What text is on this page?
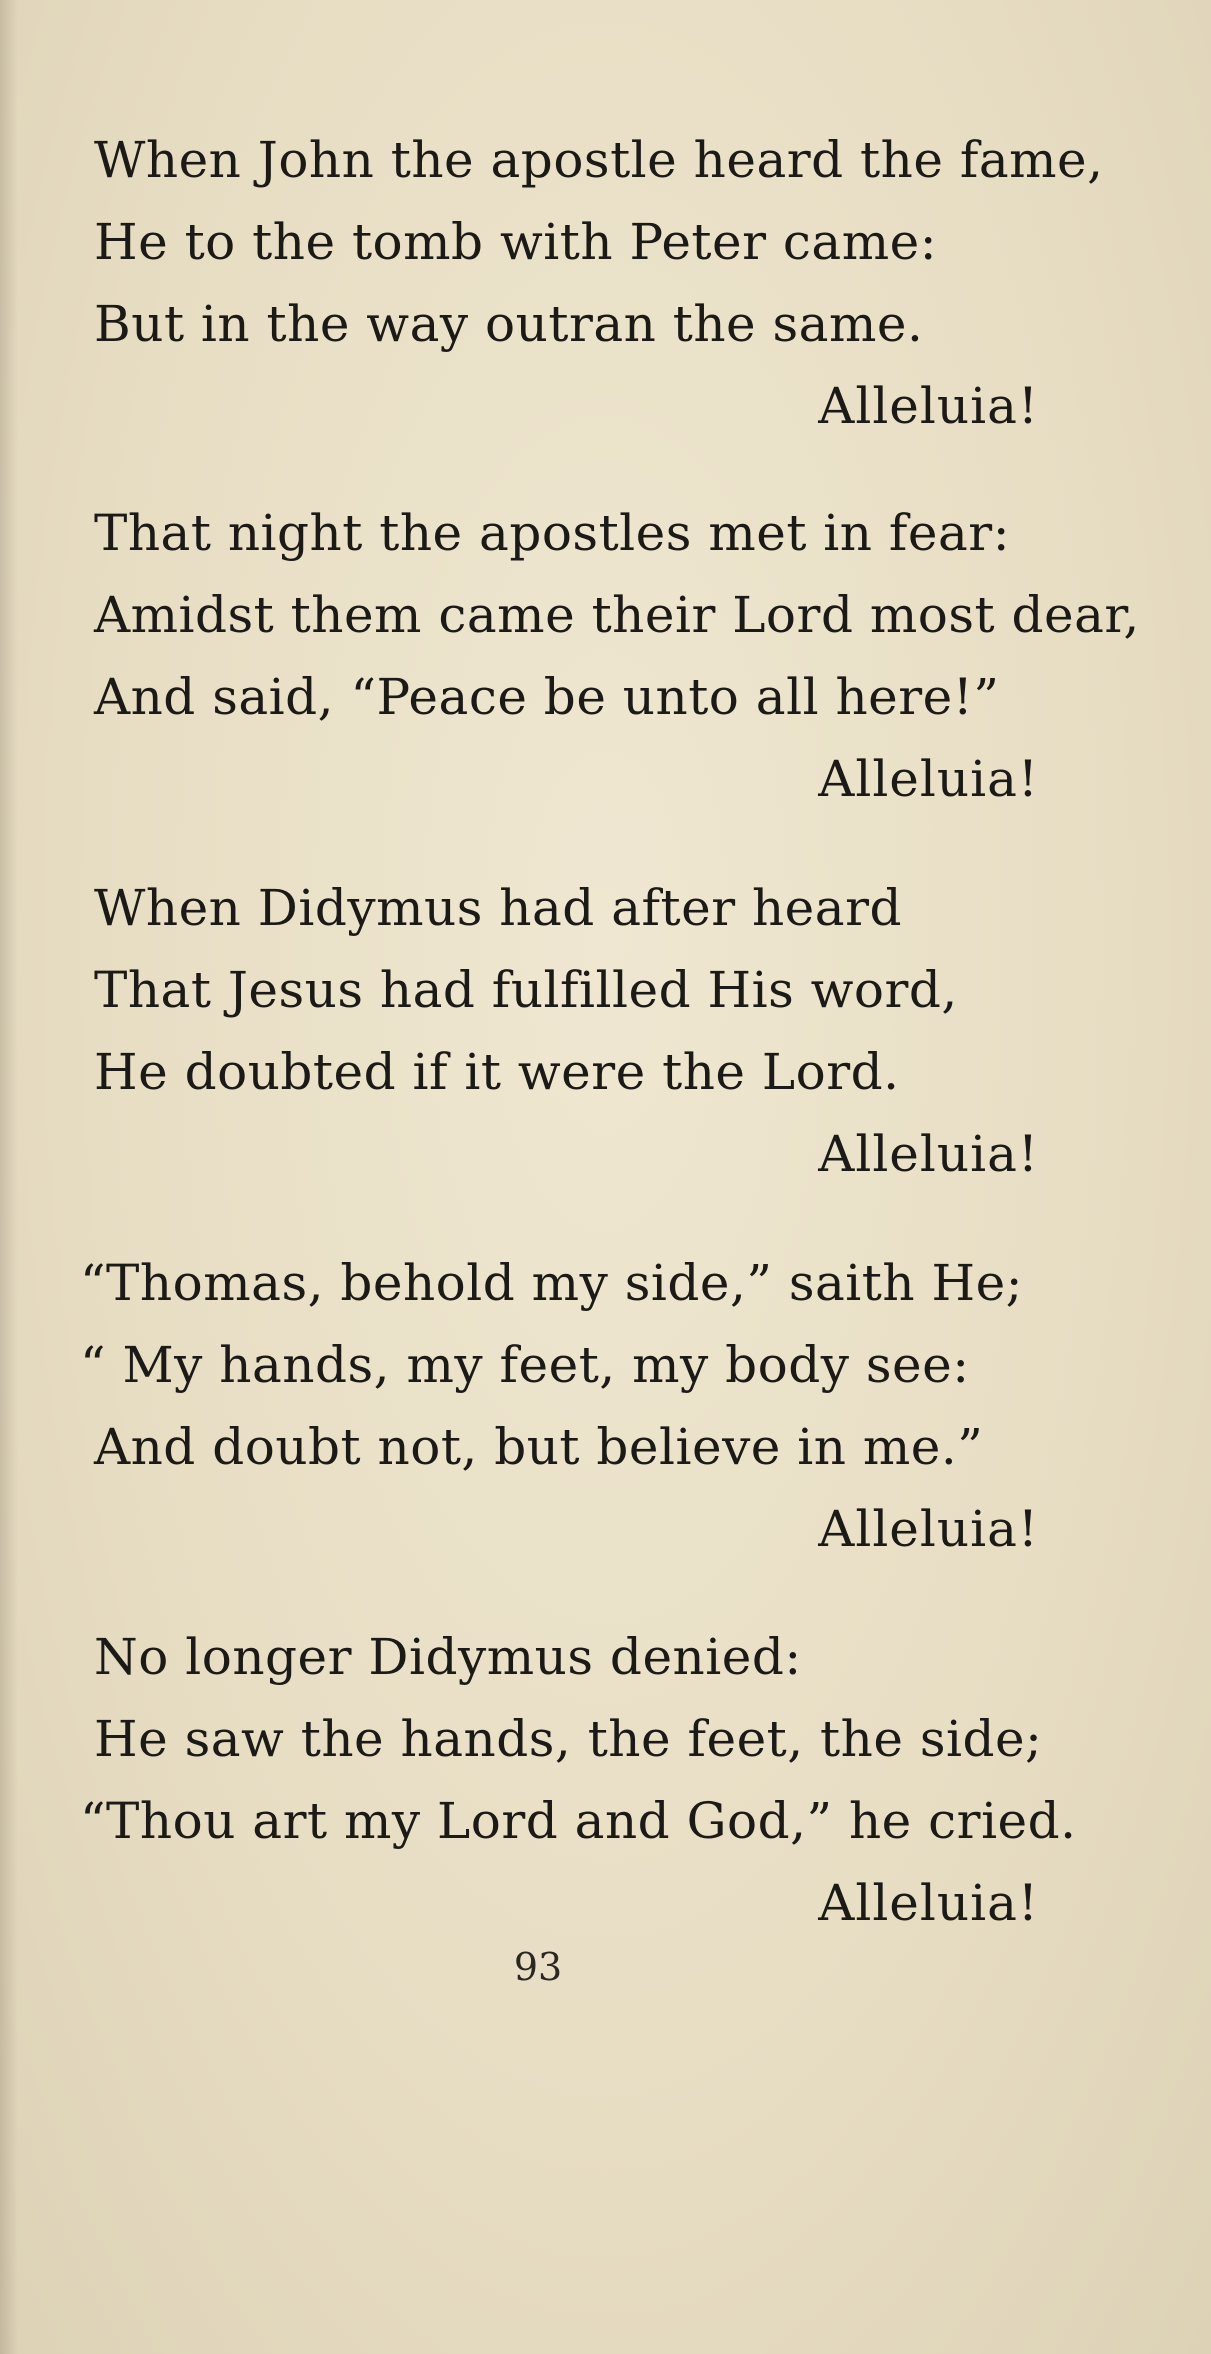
When John the apostle heard the fame,
He to the tomb with Peter came:
But in the way outran the same.
Alleluia!
That night the apostles met in fear:
Amidst them came their Lord most dear,
And said, “Peace be unto all here!”
Alleluia!
When Didymus had after heard
That Jesus had fulfilled His word,
He doubted if it were the Lord.
Alleluia!
“Thomas, behold my side,” saith He;
“ My hands, my feet, my body see:
And doubt not, but believe in me.”
Alleluia!
No longer Didymus denied:
He saw the hands, the feet, the side;
“Thou art my Lord and God,” he cried.
Alleluia!
93
